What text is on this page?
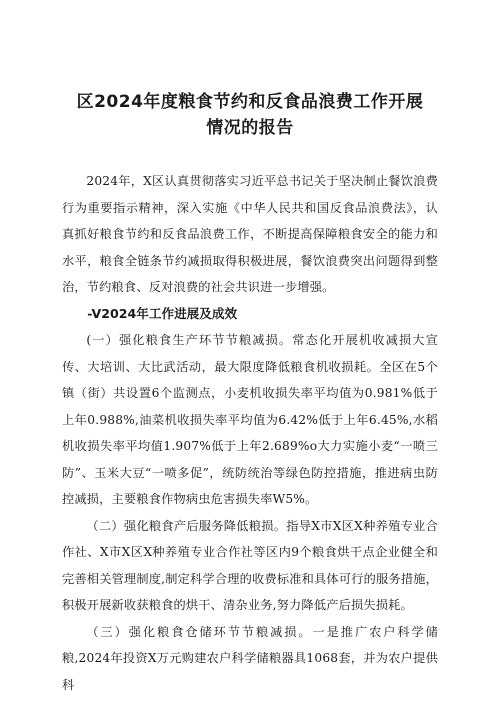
区2024年度粮食节约和反食品浪费工作开展
情况的报告

2024年，X区认真贯彻落实习近平总书记关于坚决制止餐饮浪费行为重要指示精神，深入实施《中华人民共和国反食品浪费法》，认真抓好粮食节约和反食品浪费工作，不断提高保障粮食安全的能力和水平，粮食全链条节约减损取得积极进展，餐饮浪费突出问题得到整治，节约粮食、反对浪费的社会共识进一步增强。

-V2024年工作进展及成效

(一）强化粮食生产环节节粮减损。常态化开展机收减损大宣传、大培训、大比武活动，最大限度降低粮食机收损耗。全区在5个镇（街）共设置6个监测点，小麦机收损失率平均值为0.981%低于上年0.988%,油菜机收损失率平均值为6.42%低于上年6.45%,水稻机收损失率平均值1.907%低于上年2.689%o大力实施小麦“一喷三防”、玉米大豆“一喷多促”，统防统治等绿色防控措施，推进病虫防控减损，主要粮食作物病虫危害损失率W5%。

（二）强化粮食产后服务降低粮损。指导X市X区X种养殖专业合作社、X市X区X种养殖专业合作社等区内9个粮食烘干点企业健全和完善相关管理制度,制定科学合理的收费标准和具体可行的服务措施，积极开展新收获粮食的烘干、清杂业务,努力降低产后损失损耗。

（三）强化粮食仓储环节节粮减损。一是推广农户科学储粮,2024年投资X万元购建农户科学储粮器具1068套，并为农户提供科
